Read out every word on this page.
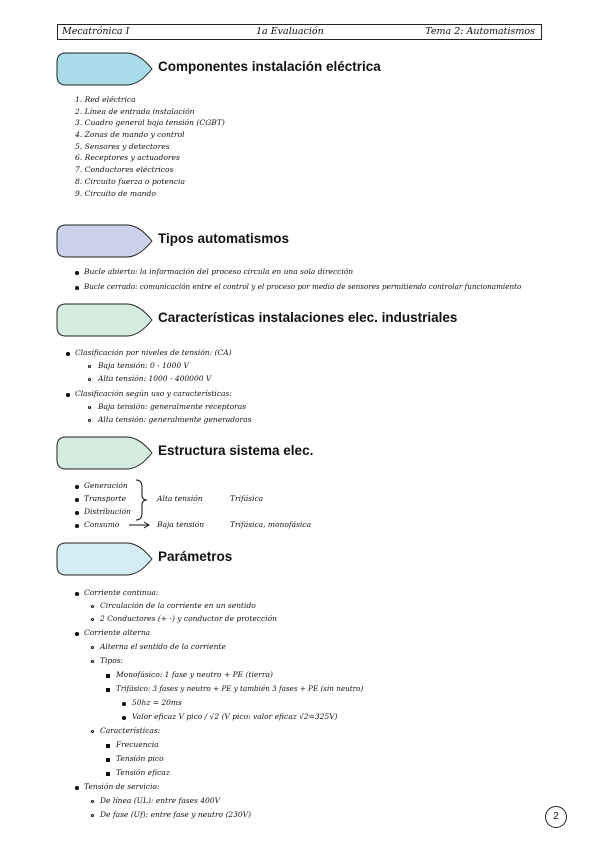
Mecatrónica I	1a Evaluación	Tema 2: Automatismos
Componentes instalación eléctrica
1. Red eléctrica
2. Línea de entrada instalación
3. Cuadro general baja tensión (CGBT)
4. Zonas de mando y control
5. Sensores y detectores
6. Receptores y actuadores
7. Conductores eléctricos
8. Circuito fuerza o potencia
9. Circuito de mando
Tipos automatismos
Bucle abierto: la información del proceso circula en una sola dirección
Bucle cerrado: comunicación entre el control y el proceso por medio de sensores permitiendo controlar funcionamiento
Características instalaciones elec. industriales
Clasificación por niveles de tensión: (CA)
Baja tensión: 0 - 1000 V
Alta tensión: 1000 - 400000 V
Clasificación según uso y características:
Baja tensión: generalmente receptoras
Alta tensión: generalmente generadoras
Estructura sistema elec.
Generación
Transporte
Distribución
Consumo
Alta tensión	Trifásica
Baja tensión	Trifásica, monofásica
Parámetros
Corriente continua:
Circulación de la corriente en un sentido
2 Conductores (+ -) y conductor de protección
Corriente alterna
Alterna el sentido de la corriente
Tipos:
Monofásico: 1 fase y neutro + PE (tierra)
Trifásico: 3 fases y neutro + PE y también 3 fases + PE (sin neutro)
50hz = 20ms
Valor eficaz V pico / √2 (V pico: valor eficaz √2=325V)
Características:
Frecuencia
Tensión pico
Tensión eficaz
Tensión de servicio:
De línea (UL): entre fases 400V
De fase (Uf): entre fase y neutro (230V)	2
